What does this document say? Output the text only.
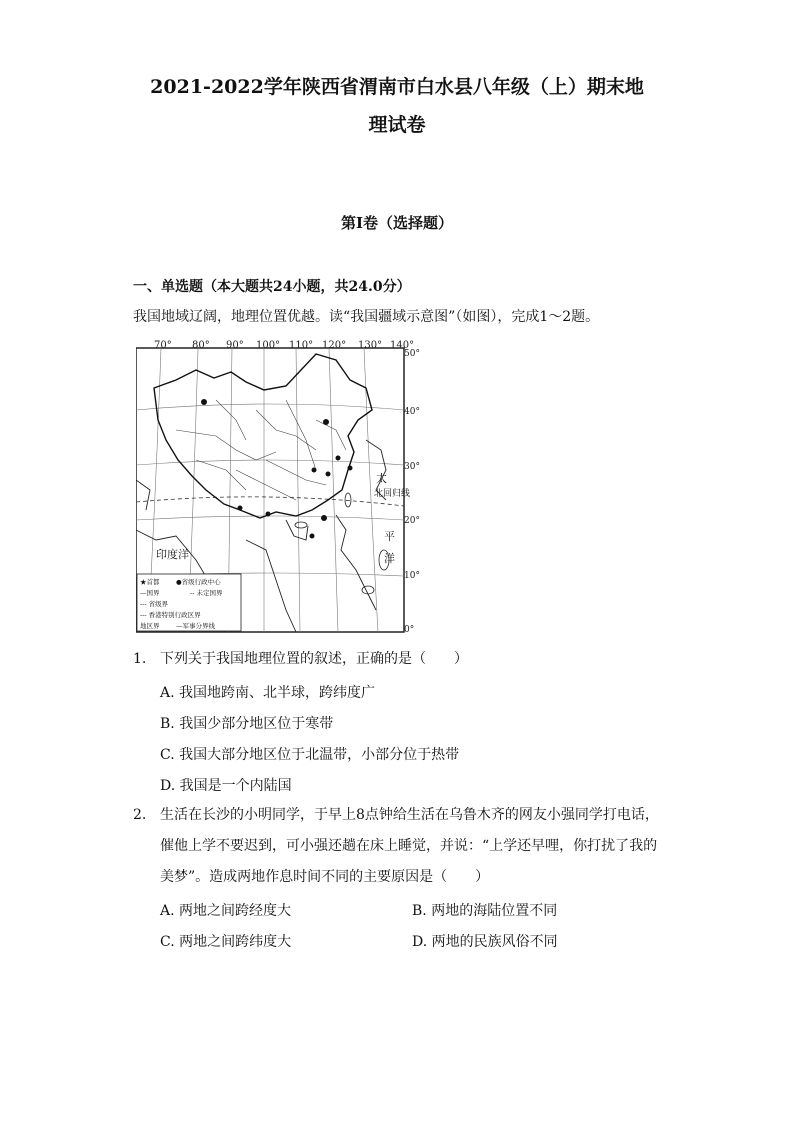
2021-2022学年陕西省渭南市白水县八年级（上）期末地
理试卷
第I卷（选择题）
一、单选题（本大题共24小题，共24.0分）
我国地域辽阔，地理位置优越。读“我国疆域示意图”（如图），完成1～2题。
70° 80° 90° 100° 110° 120° 130° 140°
50°
40°
30°
20°
10°
0°
印度洋
北回归线
太
平
洋
★首都	●省级行政中心
—国界	-- 未定国界
--- 省级界
--- 香港特别行政区界
地区界	—军事分界线
1. 下列关于我国地理位置的叙述，正确的是（　　）
A. 我国地跨南、北半球，跨纬度广
B. 我国少部分地区位于寒带
C. 我国大部分地区位于北温带，小部分位于热带
D. 我国是一个内陆国
2. 生活在长沙的小明同学，于早上8点钟给生活在乌鲁木齐的网友小强同学打电话，
催他上学不要迟到，可小强还趟在床上睡觉，并说：“上学还早哩，你打扰了我的
美梦”。造成两地作息时间不同的主要原因是（　　）
A. 两地之间跨经度大	B. 两地的海陆位置不同
C. 两地之间跨纬度大	D. 两地的民族风俗不同
